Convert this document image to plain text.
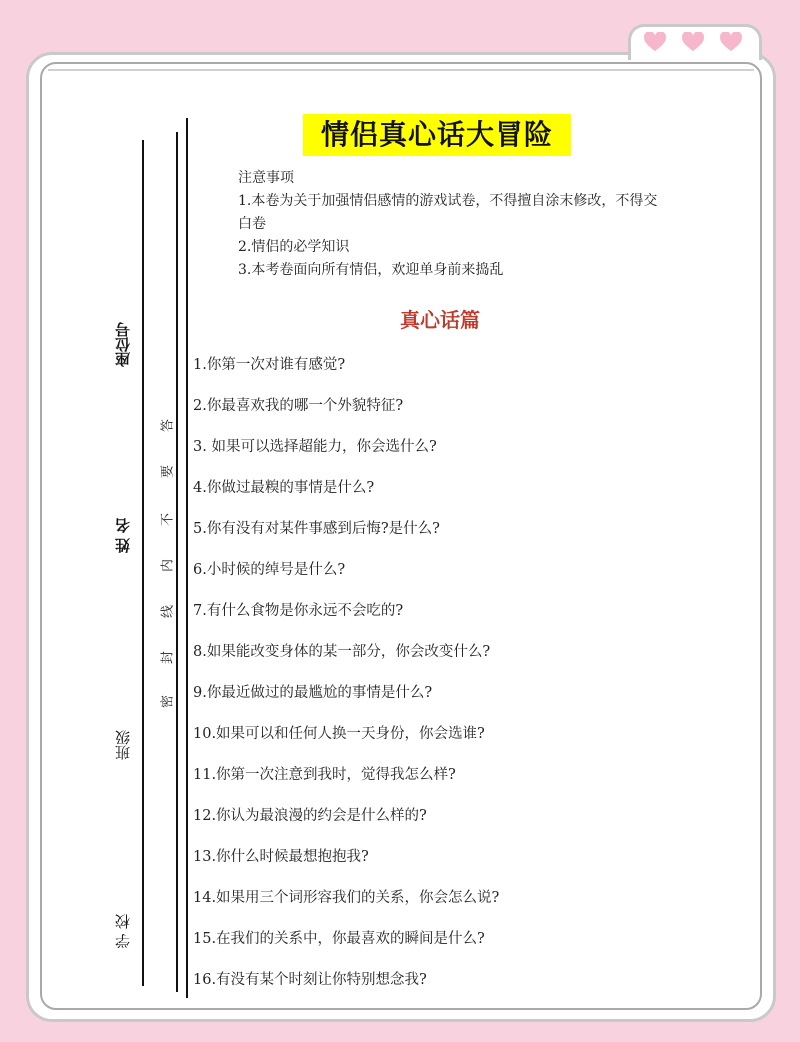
座位号
姓 名
班级
学 校
密
封
线
内
不
要
答
情侣真心话大冒险
注意事项
1.本卷为关于加强情侣感情的游戏试卷，不得擅自涂末修改，不得交白卷
2.情侣的必学知识
3.本考卷面向所有情侣，欢迎单身前来捣乱
真心话篇
1.你第一次对谁有感觉?
2.你最喜欢我的哪一个外貌特征?
3. 如果可以选择超能力，你会选什么?
4.你做过最糗的事情是什么?
5.你有没有对某件事感到后悔?是什么?
6.小时候的绰号是什么?
7.有什么食物是你永远不会吃的?
8.如果能改变身体的某一部分，你会改变什么?
9.你最近做过的最尴尬的事情是什么?
10.如果可以和任何人换一天身份，你会选谁?
11.你第一次注意到我时，觉得我怎么样?
12.你认为最浪漫的约会是什么样的?
13.你什么时候最想抱抱我?
14.如果用三个词形容我们的关系，你会怎么说?
15.在我们的关系中，你最喜欢的瞬间是什么?
16.有没有某个时刻让你特别想念我?
